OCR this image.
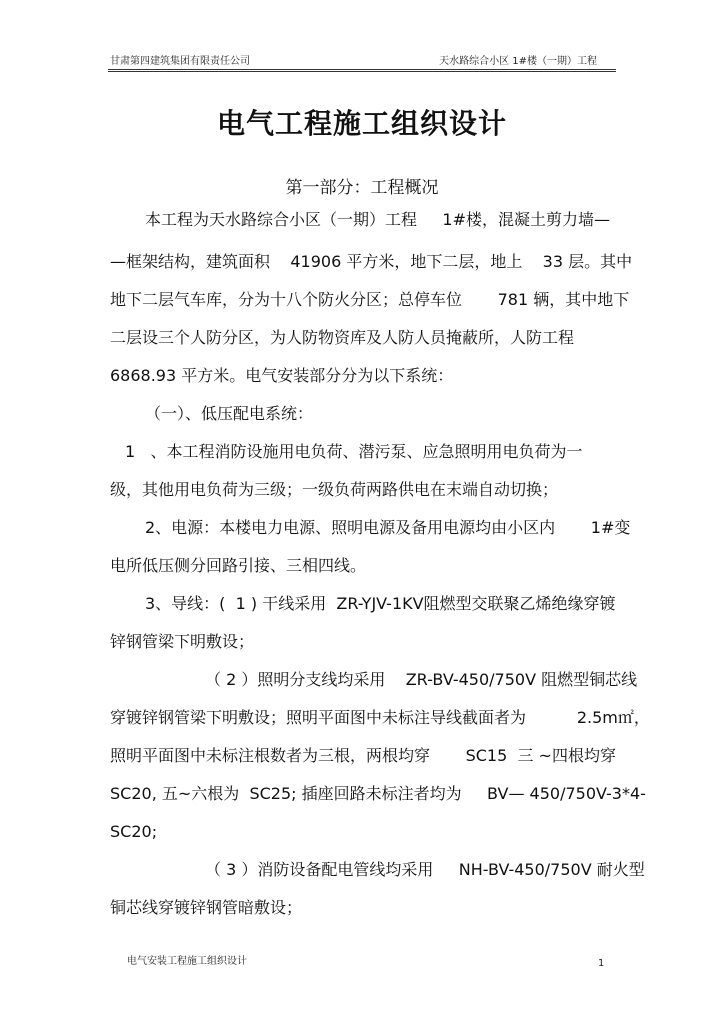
甘肃第四建筑集团有限责任公司	天水路综合小区 1#楼（一期）工程
电气工程施工组织设计
第一部分：工程概况
本工程为天水路综合小区（一期）工程     1#楼，混凝土剪力墙—
—框架结构，建筑面积    41906 平方米，地下二层，地上    33 层。其中
地下二层气车库，分为十八个防火分区；总停车位       781 辆，其中地下
二层设三个人防分区，为人防物资库及人防人员掩蔽所，人防工程
6868.93 平方米。电气安装部分分为以下系统：
（一）、低压配电系统：
1   、本工程消防设施用电负荷、潜污泵、应急照明用电负荷为一
级，其他用电负荷为三级；一级负荷两路供电在末端自动切换；
2、电源：本楼电力电源、照明电源及备用电源均由小区内       1#变
电所低压侧分回路引接、三相四线。
3、导线：(  1 ) 干线采用  ZR-YJV-1KV阻燃型交联聚乙烯绝缘穿镀
锌钢管梁下明敷设；
（ 2 ）照明分支线均采用    ZR-BV-450/750V 阻燃型铜芯线
穿镀锌钢管梁下明敷设；照明平面图中未标注导线截面者为          2.5m㎡，
照明平面图中未标注根数者为三根，两根均穿       SC15  三 ~四根均穿
SC20, 五~六根为  SC25; 插座回路未标注者均为     BV— 450/750V-3*4-
SC20;
（ 3 ）消防设备配电管线均采用     NH-BV-450/750V 耐火型
铜芯线穿镀锌钢管暗敷设；
电气安装工程施工组织设计	1
